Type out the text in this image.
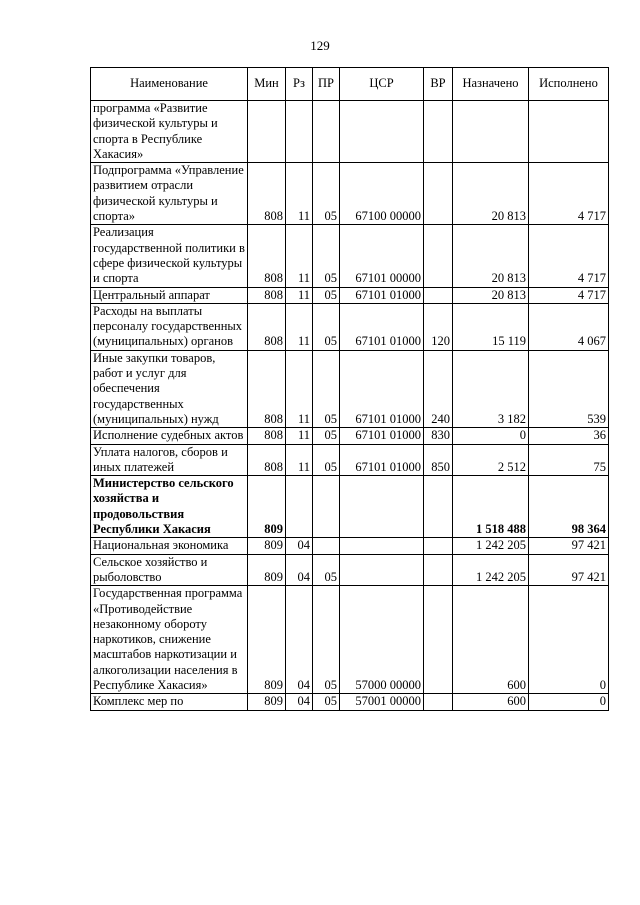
129
Наименование	Мин	Рз	ПР	ЦСР	ВР	Назначено	Исполнено
программа «Развитие физической культуры и спорта в Республике Хакасия»							
Подпрограмма «Управление развитием отрасли физической культуры и спорта»	808	11	05	67100 00000		20 813	4 717
Реализация государственной политики в сфере физической культуры и спорта	808	11	05	67101 00000		20 813	4 717
Центральный аппарат	808	11	05	67101 01000		20 813	4 717
Расходы на выплаты персоналу государственных (муниципальных) органов	808	11	05	67101 01000	120	15 119	4 067
Иные закупки товаров, работ и услуг для обеспечения государственных (муниципальных) нужд	808	11	05	67101 01000	240	3 182	539
Исполнение судебных актов	808	11	05	67101 01000	830	0	36
Уплата налогов, сборов и иных платежей	808	11	05	67101 01000	850	2 512	75
Министерство сельского хозяйства и продовольствия Республики Хакасия	809					1 518 488	98 364
Национальная экономика	809	04				1 242 205	97 421
Сельское хозяйство и рыболовство	809	04	05			1 242 205	97 421
Государственная программа «Противодействие незаконному обороту наркотиков, снижение масштабов наркотизации и алкоголизации населения в Республике Хакасия»	809	04	05	57000 00000		600	0
Комплекс мер по	809	04	05	57001 00000		600	0
